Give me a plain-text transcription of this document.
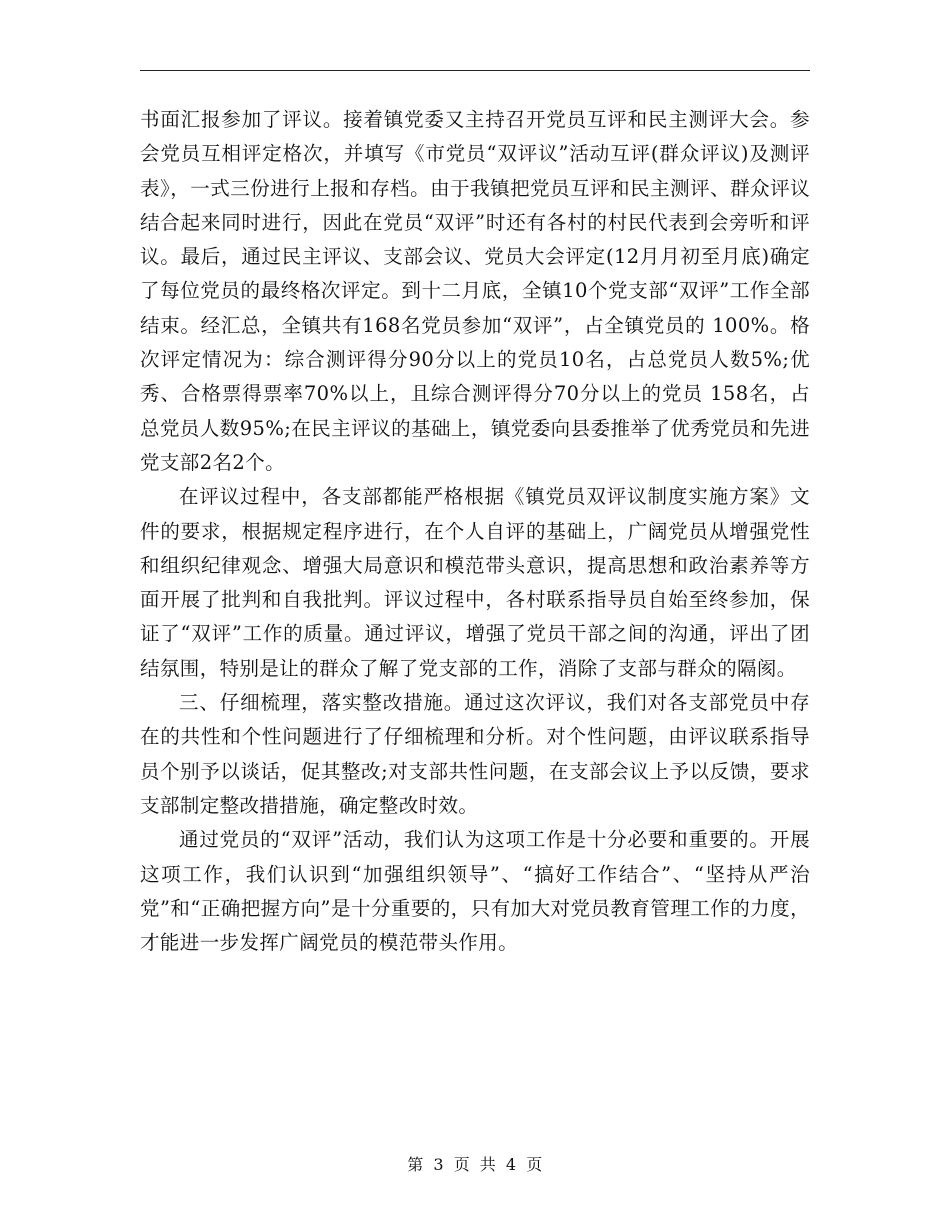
书面汇报参加了评议。接着镇党委又主持召开党员互评和民主测评大会。参会党员互相评定格次，并填写《市党员“双评议”活动互评(群众评议)及测评表》，一式三份进行上报和存档。由于我镇把党员互评和民主测评、群众评议结合起来同时进行，因此在党员“双评”时还有各村的村民代表到会旁听和评议。最后，通过民主评议、支部会议、党员大会评定(12月月初至月底)确定了每位党员的最终格次评定。到十二月底，全镇10个党支部“双评”工作全部结束。经汇总，全镇共有168名党员参加“双评”，占全镇党员的 100%。格次评定情况为：综合测评得分90分以上的党员10名，占总党员人数5%;优秀、合格票得票率70%以上，且综合测评得分70分以上的党员 158名，占总党员人数95%;在民主评议的基础上，镇党委向县委推举了优秀党员和先进党支部2名2个。

在评议过程中，各支部都能严格根据《镇党员双评议制度实施方案》文件的要求，根据规定程序进行，在个人自评的基础上，广阔党员从增强党性和组织纪律观念、增强大局意识和模范带头意识，提高思想和政治素养等方面开展了批判和自我批判。评议过程中，各村联系指导员自始至终参加，保证了“双评”工作的质量。通过评议，增强了党员干部之间的沟通，评出了团结氛围，特别是让的群众了解了党支部的工作，消除了支部与群众的隔阂。

三、仔细梳理，落实整改措施。通过这次评议，我们对各支部党员中存在的共性和个性问题进行了仔细梳理和分析。对个性问题，由评议联系指导员个别予以谈话，促其整改;对支部共性问题，在支部会议上予以反馈，要求支部制定整改措措施，确定整改时效。

通过党员的“双评”活动，我们认为这项工作是十分必要和重要的。开展这项工作，我们认识到“加强组织领导”、“搞好工作结合”、“坚持从严治党”和“正确把握方向”是十分重要的，只有加大对党员教育管理工作的力度，才能进一步发挥广阔党员的模范带头作用。

第 3 页 共 4 页
